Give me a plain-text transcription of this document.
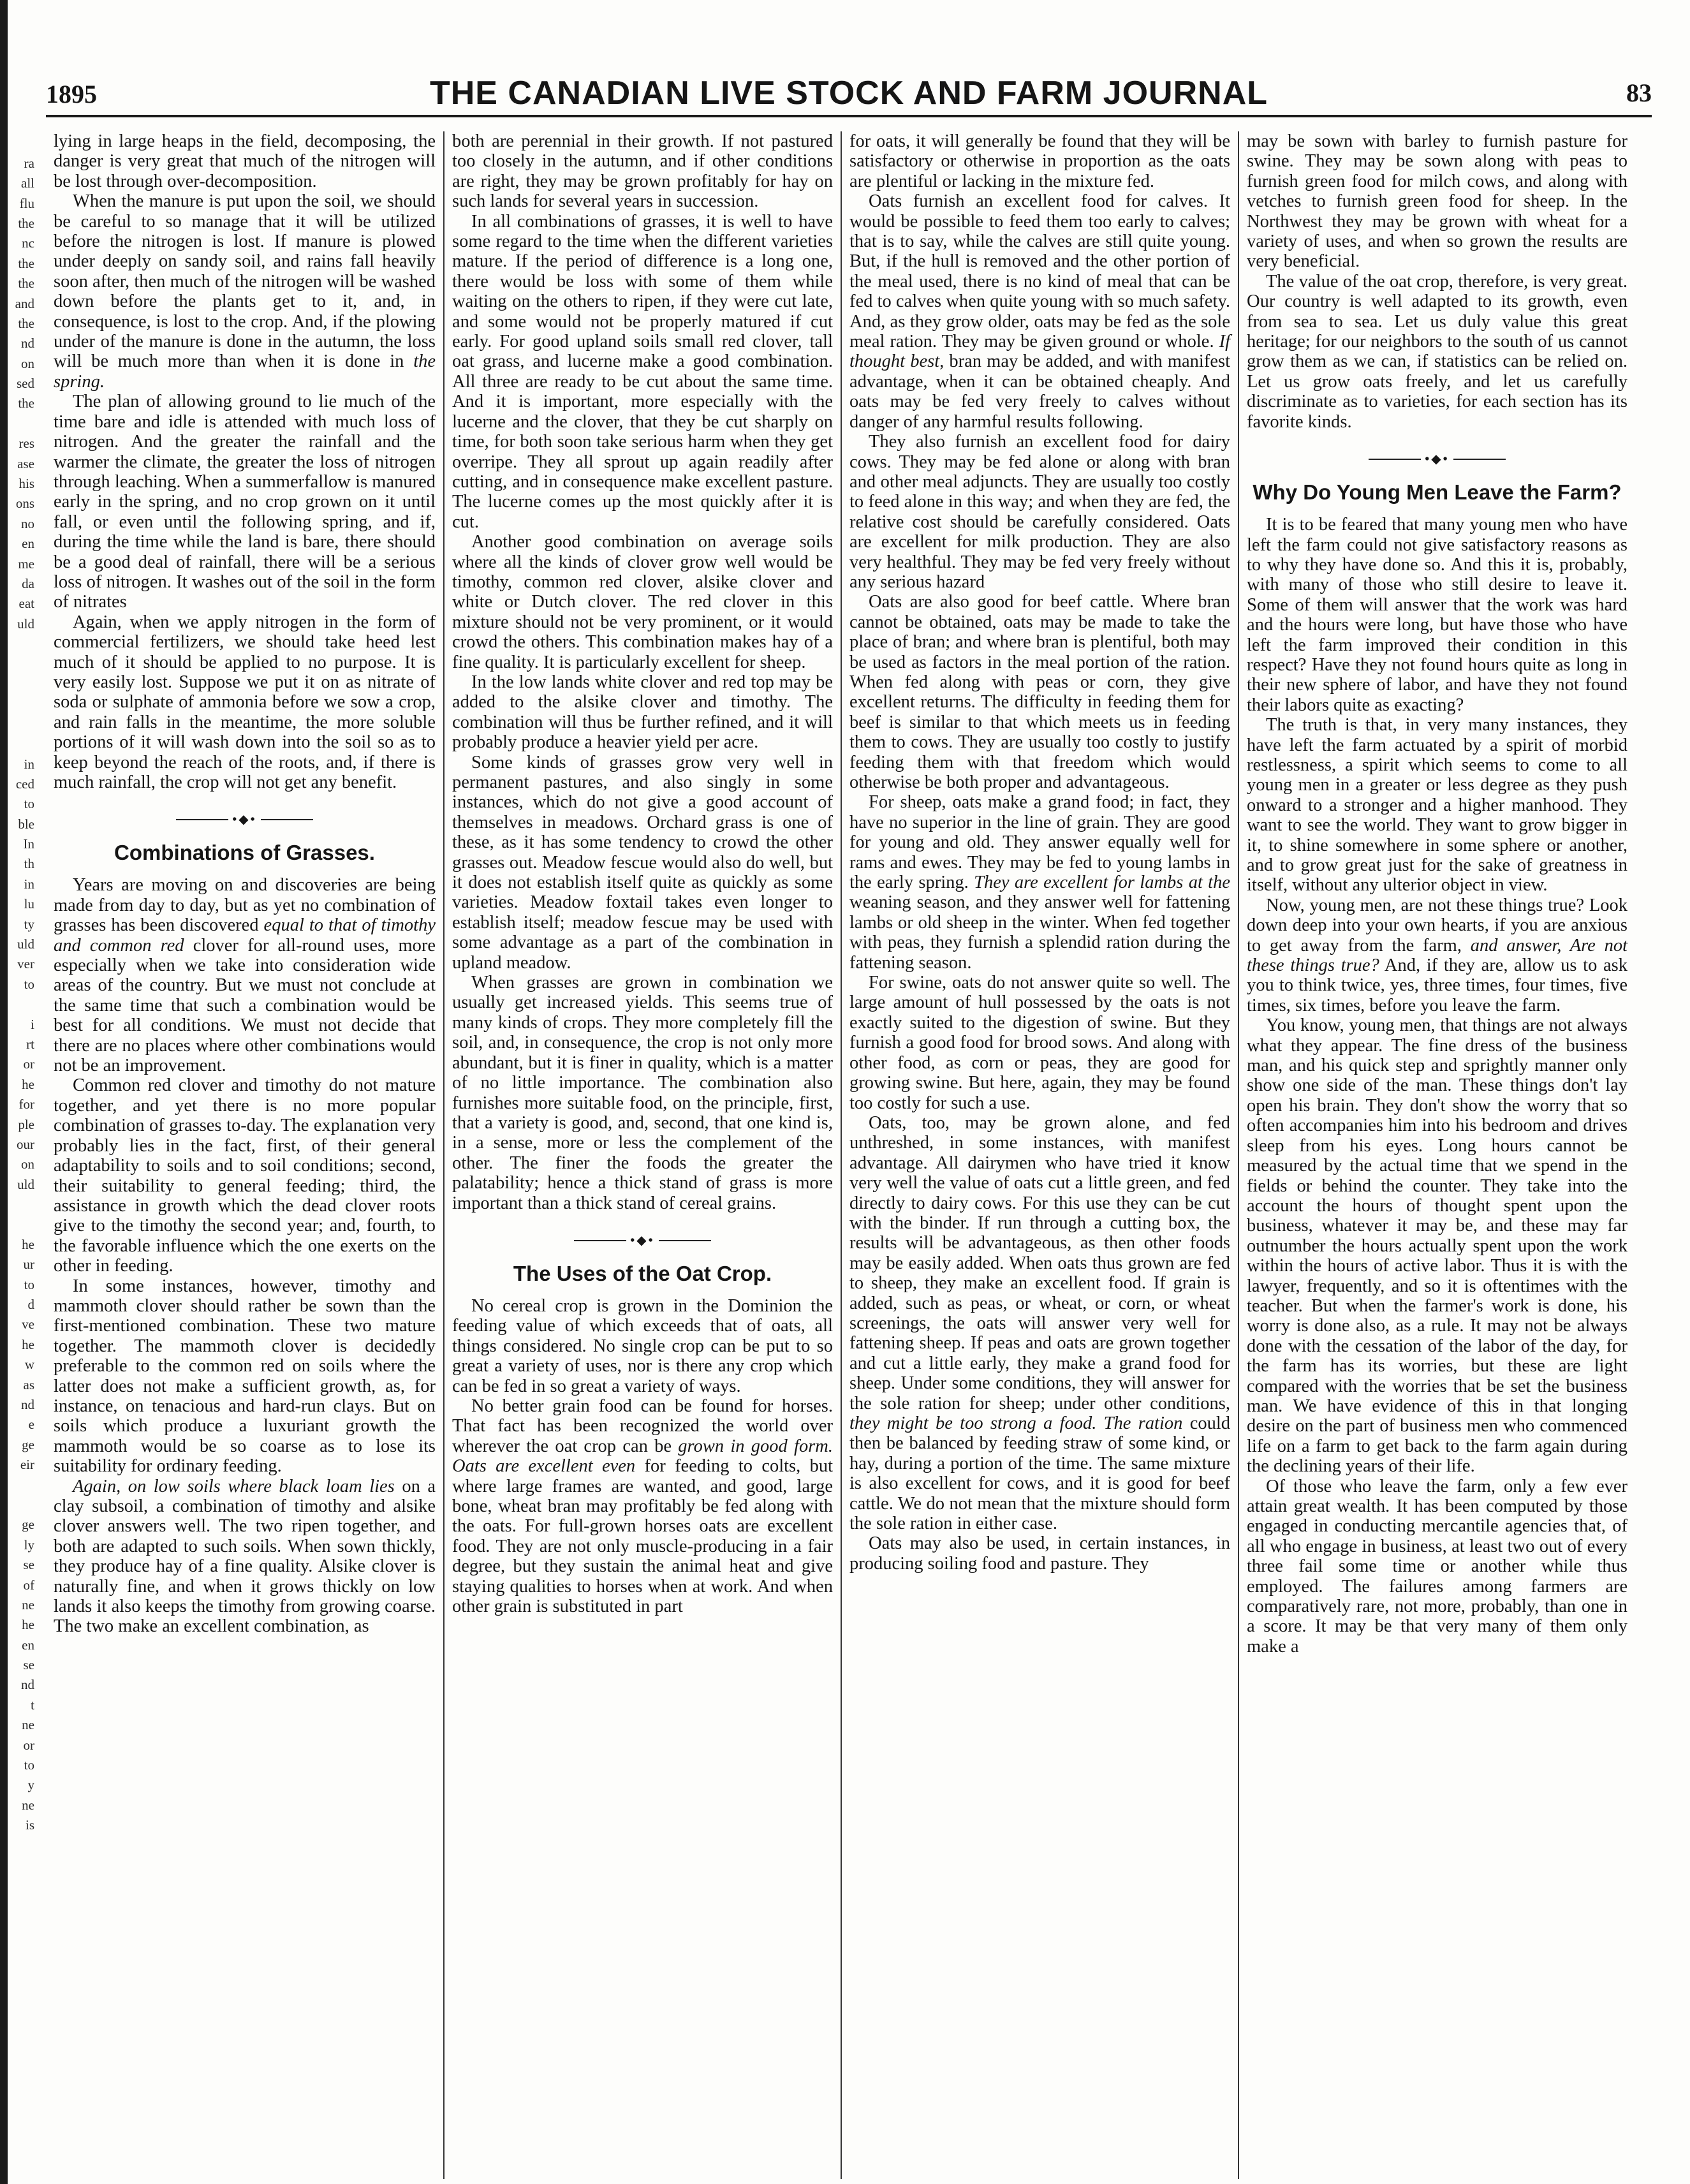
ra
all
flu
the
nc
the
the
and
the
nd
on
sed
the
res
ase
his
ons
no
en
me
da
eat
uld
in
ced
to
ble
In
th
in
lu
ty
uld
ver
to
i
rt
or
he
for
ple
our
on
uld
he
ur
to
d
ve
he
w
as
nd
e
ge
eir
ge
ly
se
of
ne
he
en
se
nd
t
ne
or
to
y
ne
is
1895	THE CANADIAN LIVE STOCK AND FARM JOURNAL	83

lying in large heaps in the field, decomposing, the danger is very great that much of the nitrogen will be lost through over-decomposition.

When the manure is put upon the soil, we should be careful to so manage that it will be utilized before the nitrogen is lost. If manure is plowed under deeply on sandy soil, and rains fall heavily soon after, then much of the nitrogen will be washed down before the plants get to it, and, in consequence, is lost to the crop. And, if the plowing under of the manure is done in the autumn, the loss will be much more than when it is done in the spring.

The plan of allowing ground to lie much of the time bare and idle is attended with much loss of nitrogen. And the greater the rainfall and the warmer the climate, the greater the loss of nitrogen through leaching. When a summerfallow is manured early in the spring, and no crop grown on it until fall, or even until the following spring, and if, during the time while the land is bare, there should be a good deal of rainfall, there will be a serious loss of nitrogen. It washes out of the soil in the form of nitrates

Again, when we apply nitrogen in the form of commercial fertilizers, we should take heed lest much of it should be applied to no purpose. It is very easily lost. Suppose we put it on as nitrate of soda or sulphate of ammonia before we sow a crop, and rain falls in the meantime, the more soluble portions of it will wash down into the soil so as to keep beyond the reach of the roots, and, if there is much rainfall, the crop will not get any benefit.

•◆•
Combinations of Grasses.

Years are moving on and discoveries are being made from day to day, but as yet no combination of grasses has been discovered equal to that of timothy and common red clover for all-round uses, more especially when we take into consideration wide areas of the country. But we must not conclude at the same time that such a combination would be best for all conditions. We must not decide that there are no places where other combinations would not be an improvement.

Common red clover and timothy do not mature together, and yet there is no more popular combination of grasses to-day. The explanation very probably lies in the fact, first, of their general adaptability to soils and to soil conditions; second, their suitability to general feeding; third, the assistance in growth which the dead clover roots give to the timothy the second year; and, fourth, to the favorable influence which the one exerts on the other in feeding.

In some instances, however, timothy and mammoth clover should rather be sown than the first-mentioned combination. These two mature together. The mammoth clover is decidedly preferable to the common red on soils where the latter does not make a sufficient growth, as, for instance, on tenacious and hard-run clays. But on soils which produce a luxuriant growth the mammoth would be so coarse as to lose its suitability for ordinary feeding.

Again, on low soils where black loam lies on a clay subsoil, a combination of timothy and alsike clover answers well. The two ripen together, and both are adapted to such soils. When sown thickly, they produce hay of a fine quality. Alsike clover is naturally fine, and when it grows thickly on low lands it also keeps the timothy from growing coarse. The two make an excellent combination, as

both are perennial in their growth. If not pastured too closely in the autumn, and if other conditions are right, they may be grown profitably for hay on such lands for several years in succession.

In all combinations of grasses, it is well to have some regard to the time when the different varieties mature. If the period of difference is a long one, there would be loss with some of them while waiting on the others to ripen, if they were cut late, and some would not be properly matured if cut early. For good upland soils small red clover, tall oat grass, and lucerne make a good combination. All three are ready to be cut about the same time. And it is important, more especially with the lucerne and the clover, that they be cut sharply on time, for both soon take serious harm when they get overripe. They all sprout up again readily after cutting, and in consequence make excellent pasture. The lucerne comes up the most quickly after it is cut.

Another good combination on average soils where all the kinds of clover grow well would be timothy, common red clover, alsike clover and white or Dutch clover. The red clover in this mixture should not be very prominent, or it would crowd the others. This combination makes hay of a fine quality. It is particularly excellent for sheep.

In the low lands white clover and red top may be added to the alsike clover and timothy. The combination will thus be further refined, and it will probably produce a heavier yield per acre.

Some kinds of grasses grow very well in permanent pastures, and also singly in some instances, which do not give a good account of themselves in meadows. Orchard grass is one of these, as it has some tendency to crowd the other grasses out. Meadow fescue would also do well, but it does not establish itself quite as quickly as some varieties. Meadow foxtail takes even longer to establish itself; meadow fescue may be used with some advantage as a part of the combination in upland meadow.

When grasses are grown in combination we usually get increased yields. This seems true of many kinds of crops. They more completely fill the soil, and, in consequence, the crop is not only more abundant, but it is finer in quality, which is a matter of no little importance. The combination also furnishes more suitable food, on the principle, first, that a variety is good, and, second, that one kind is, in a sense, more or less the complement of the other. The finer the foods the greater the palatability; hence a thick stand of grass is more important than a thick stand of cereal grains.

•◆•
The Uses of the Oat Crop.

No cereal crop is grown in the Dominion the feeding value of which exceeds that of oats, all things considered. No single crop can be put to so great a variety of uses, nor is there any crop which can be fed in so great a variety of ways.

No better grain food can be found for horses. That fact has been recognized the world over wherever the oat crop can be grown in good form. Oats are excellent even for feeding to colts, but where large frames are wanted, and good, large bone, wheat bran may profitably be fed along with the oats. For full-grown horses oats are excellent food. They are not only muscle-producing in a fair degree, but they sustain the animal heat and give staying qualities to horses when at work. And when other grain is substituted in part

for oats, it will generally be found that they will be satisfactory or otherwise in proportion as the oats are plentiful or lacking in the mixture fed.

Oats furnish an excellent food for calves. It would be possible to feed them too early to calves; that is to say, while the calves are still quite young. But, if the hull is removed and the other portion of the meal used, there is no kind of meal that can be fed to calves when quite young with so much safety. And, as they grow older, oats may be fed as the sole meal ration. They may be given ground or whole. If thought best, bran may be added, and with manifest advantage, when it can be obtained cheaply. And oats may be fed very freely to calves without danger of any harmful results following.

They also furnish an excellent food for dairy cows. They may be fed alone or along with bran and other meal adjuncts. They are usually too costly to feed alone in this way; and when they are fed, the relative cost should be carefully considered. Oats are excellent for milk production. They are also very healthful. They may be fed very freely without any serious hazard

Oats are also good for beef cattle. Where bran cannot be obtained, oats may be made to take the place of bran; and where bran is plentiful, both may be used as factors in the meal portion of the ration. When fed along with peas or corn, they give excellent returns. The difficulty in feeding them for beef is similar to that which meets us in feeding them to cows. They are usually too costly to justify feeding them with that freedom which would otherwise be both proper and advantageous.

For sheep, oats make a grand food; in fact, they have no superior in the line of grain. They are good for young and old. They answer equally well for rams and ewes. They may be fed to young lambs in the early spring. They are excellent for lambs at the weaning season, and they answer well for fattening lambs or old sheep in the winter. When fed together with peas, they furnish a splendid ration during the fattening season.

For swine, oats do not answer quite so well. The large amount of hull possessed by the oats is not exactly suited to the digestion of swine. But they furnish a good food for brood sows. And along with other food, as corn or peas, they are good for growing swine. But here, again, they may be found too costly for such a use.

Oats, too, may be grown alone, and fed unthreshed, in some instances, with manifest advantage. All dairymen who have tried it know very well the value of oats cut a little green, and fed directly to dairy cows. For this use they can be cut with the binder. If run through a cutting box, the results will be advantageous, as then other foods may be easily added. When oats thus grown are fed to sheep, they make an excellent food. If grain is added, such as peas, or wheat, or corn, or wheat screenings, the oats will answer very well for fattening sheep. If peas and oats are grown together and cut a little early, they make a grand food for sheep. Under some conditions, they will answer for the sole ration for sheep; under other conditions, they might be too strong a food. The ration could then be balanced by feeding straw of some kind, or hay, during a portion of the time. The same mixture is also excellent for cows, and it is good for beef cattle. We do not mean that the mixture should form the sole ration in either case.

Oats may also be used, in certain instances, in producing soiling food and pasture. They

may be sown with barley to furnish pasture for swine. They may be sown along with peas to furnish green food for milch cows, and along with vetches to furnish green food for sheep. In the Northwest they may be grown with wheat for a variety of uses, and when so grown the results are very beneficial.

The value of the oat crop, therefore, is very great. Our country is well adapted to its growth, even from sea to sea. Let us duly value this great heritage; for our neighbors to the south of us cannot grow them as we can, if statistics can be relied on. Let us grow oats freely, and let us carefully discriminate as to varieties, for each section has its favorite kinds.

•◆•
Why Do Young Men Leave the Farm?

It is to be feared that many young men who have left the farm could not give satisfactory reasons as to why they have done so. And this it is, probably, with many of those who still desire to leave it. Some of them will answer that the work was hard and the hours were long, but have those who have left the farm improved their condition in this respect? Have they not found hours quite as long in their new sphere of labor, and have they not found their labors quite as exacting?

The truth is that, in very many instances, they have left the farm actuated by a spirit of morbid restlessness, a spirit which seems to come to all young men in a greater or less degree as they push onward to a stronger and a higher manhood. They want to see the world. They want to grow bigger in it, to shine somewhere in some sphere or another, and to grow great just for the sake of greatness in itself, without any ulterior object in view.

Now, young men, are not these things true? Look down deep into your own hearts, if you are anxious to get away from the farm, and answer, Are not these things true? And, if they are, allow us to ask you to think twice, yes, three times, four times, five times, six times, before you leave the farm.

You know, young men, that things are not always what they appear. The fine dress of the business man, and his quick step and sprightly manner only show one side of the man. These things don't lay open his brain. They don't show the worry that so often accompanies him into his bedroom and drives sleep from his eyes. Long hours cannot be measured by the actual time that we spend in the fields or behind the counter. They take into the account the hours of thought spent upon the business, whatever it may be, and these may far outnumber the hours actually spent upon the work within the hours of active labor. Thus it is with the lawyer, frequently, and so it is oftentimes with the teacher. But when the farmer's work is done, his worry is done also, as a rule. It may not be always done with the cessation of the labor of the day, for the farm has its worries, but these are light compared with the worries that be set the business man. We have evidence of this in that longing desire on the part of business men who commenced life on a farm to get back to the farm again during the declining years of their life.

Of those who leave the farm, only a few ever attain great wealth. It has been computed by those engaged in conducting mercantile agencies that, of all who engage in business, at least two out of every three fail some time or another while thus employed. The failures among farmers are comparatively rare, not more, probably, than one in a score. It may be that very many of them only make a
